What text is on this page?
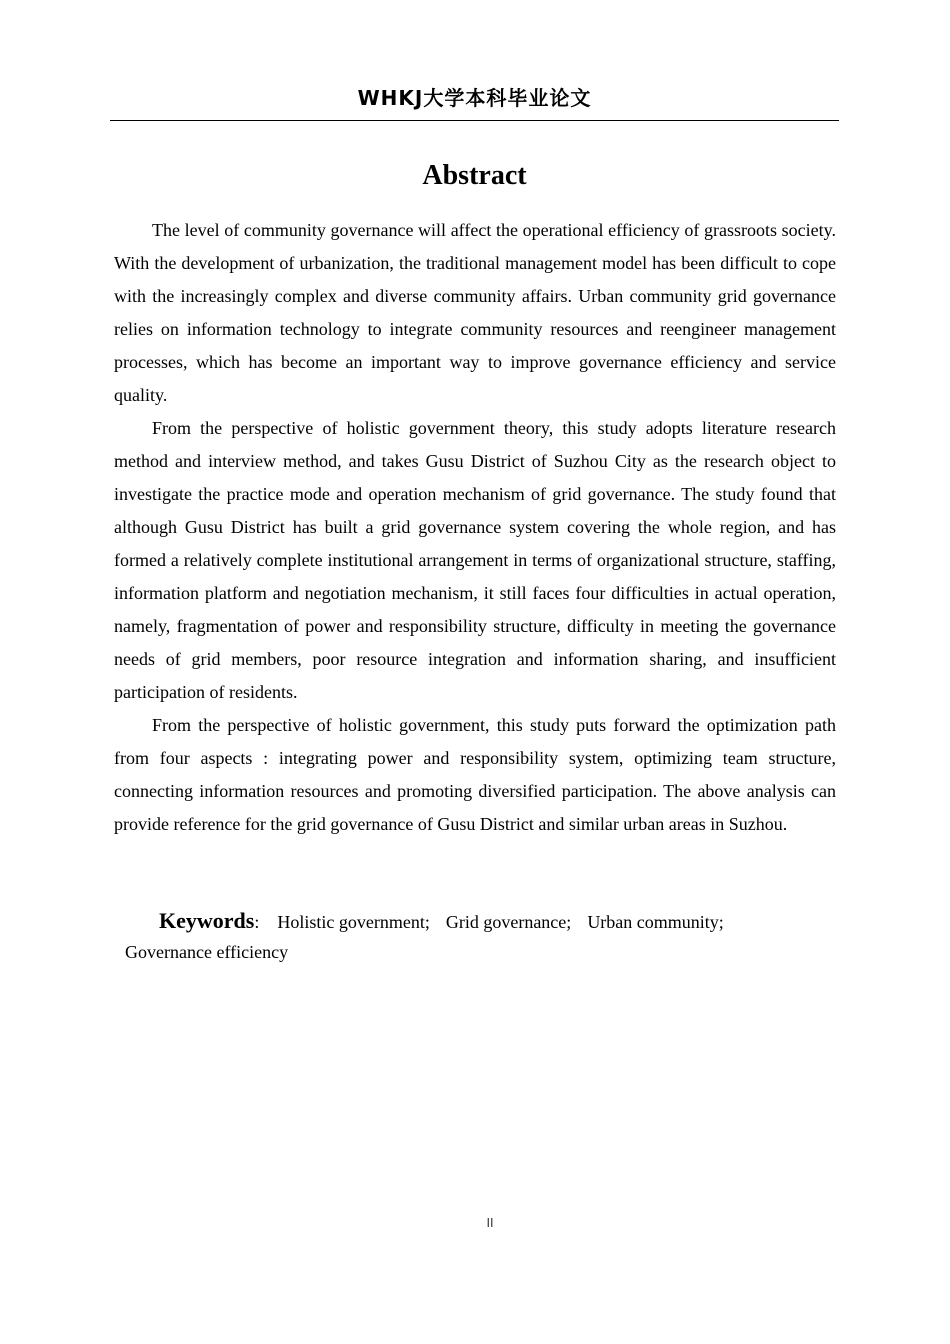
WHKJ大学本科毕业论文
Abstract

The level of community governance will affect the operational efficiency of grassroots society. With the development of urbanization, the traditional management model has been difficult to cope with the increasingly complex and diverse community affairs. Urban community grid governance relies on information technology to integrate community resources and reengineer management processes, which has become an important way to improve governance efficiency and service quality.

From the perspective of holistic government theory, this study adopts literature research method and interview method, and takes Gusu District of Suzhou City as the research object to investigate the practice mode and operation mechanism of grid governance. The study found that although Gusu District has built a grid governance system covering the whole region, and has formed a relatively complete institutional arrangement in terms of organizational structure, staffing, information platform and negotiation mechanism, it still faces four difficulties in actual operation, namely, fragmentation of power and responsibility structure, difficulty in meeting the governance needs of grid members, poor resource integration and information sharing, and insufficient participation of residents.

From the perspective of holistic government, this study puts forward the optimization path from four aspects : integrating power and responsibility system, optimizing team structure, connecting information resources and promoting diversified participation. The above analysis can provide reference for the grid governance of Gusu District and similar urban areas in Suzhou.

Keywords: Holistic government; Grid governance; Urban community;
Governance efficiency
II
